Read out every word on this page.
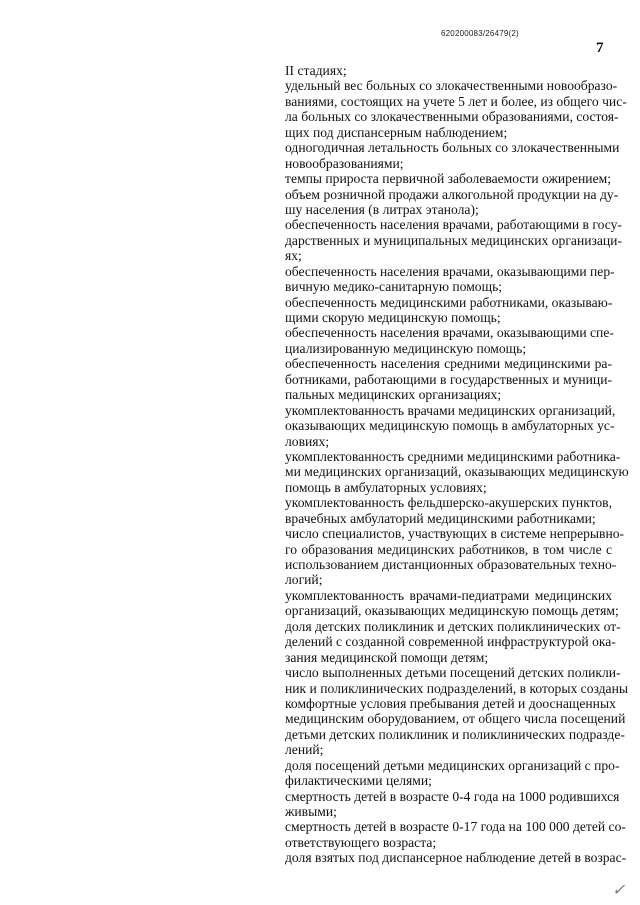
620200083/26479(2)
7
II стадиях;
удельный вес больных со злокачественными новообразо-
ваниями, состоящих на учете 5 лет и более, из общего чис-
ла больных со злокачественными образованиями, состоя-
щих под диспансерным наблюдением;
одногодичная летальность больных со злокачественными
новообразованиями;
темпы прироста первичной заболеваемости ожирением;
объем розничной продажи алкогольной продукции на ду-
шу населения (в литрах этанола);
обеспеченность населения врачами, работающими в госу-
дарственных и муниципальных медицинских организаци-
ях;
обеспеченность населения врачами, оказывающими пер-
вичную медико-санитарную помощь;
обеспеченность медицинскими работниками, оказываю-
щими скорую медицинскую помощь;
обеспеченность населения врачами, оказывающими спе-
циализированную медицинскую помощь;
обеспеченность населения средними медицинскими ра-
ботниками, работающими в государственных и муници-
пальных медицинских организациях;
укомплектованность врачами медицинских организаций,
оказывающих медицинскую помощь в амбулаторных ус-
ловиях;
укомплектованность средними медицинскими работника-
ми медицинских организаций, оказывающих медицинскую
помощь в амбулаторных условиях;
укомплектованность фельдшерско-акушерских пунктов,
врачебных амбулаторий медицинскими работниками;
число специалистов, участвующих в системе непрерывно-
го образования медицинских работников, в том числе с
использованием дистанционных образовательных техно-
логий;
укомплектованность врачами-педиатрами медицинских
организаций, оказывающих медицинскую помощь детям;
доля детских поликлиник и детских поликлинических от-
делений с созданной современной инфраструктурой ока-
зания медицинской помощи детям;
число выполненных детьми посещений детских поликли-
ник и поликлинических подразделений, в которых созданы
комфортные условия пребывания детей и дооснащенных
медицинским оборудованием, от общего числа посещений
детьми детских поликлиник и поликлинических подразде-
лений;
доля посещений детьми медицинских организаций с про-
филактическими целями;
смертность детей в возрасте 0-4 года на 1000 родившихся
живыми;
смертность детей в возрасте 0-17 года на 100 000 детей со-
ответствующего возраста;
доля взятых под диспансерное наблюдение детей в возрас-
✓
